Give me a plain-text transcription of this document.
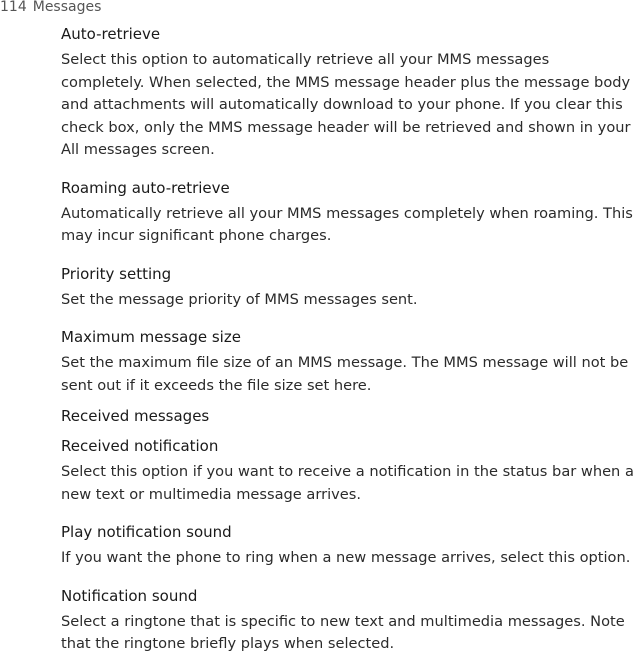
114 Messages
Auto-retrieve

Select this option to automatically retrieve all your MMS messages completely. When selected, the MMS message header plus the message body and attachments will automatically download to your phone. If you clear this check box, only the MMS message header will be retrieved and shown in your All messages screen.

Roaming auto-retrieve

Automatically retrieve all your MMS messages completely when roaming. This may incur significant phone charges.

Priority setting

Set the message priority of MMS messages sent.

Maximum message size

Set the maximum file size of an MMS message. The MMS message will not be sent out if it exceeds the file size set here.

Received messages
Received notification

Select this option if you want to receive a notification in the status bar when a new text or multimedia message arrives.

Play notification sound

If you want the phone to ring when a new message arrives, select this option.

Notification sound

Select a ringtone that is specific to new text and multimedia messages. Note that the ringtone briefly plays when selected.
